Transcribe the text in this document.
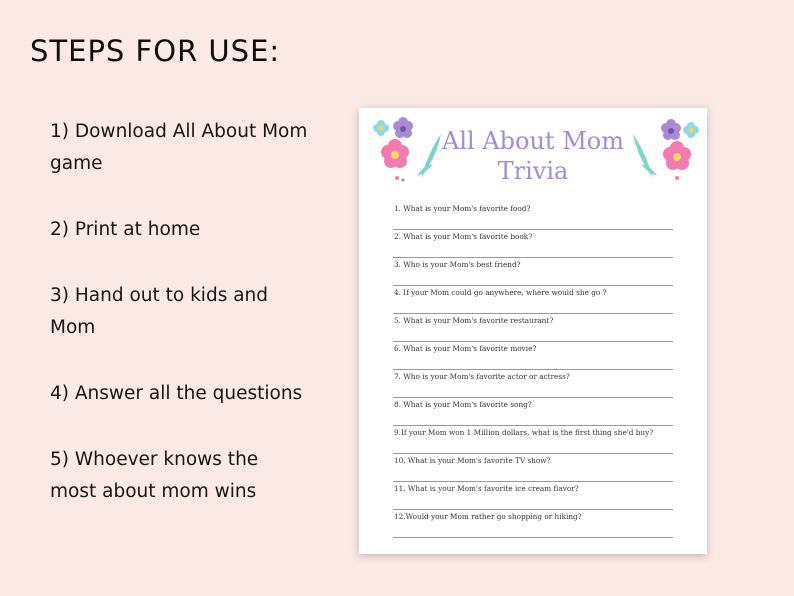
STEPS FOR USE:

1) Download All About Mom game

2) Print at home

3) Hand out to kids and Mom

4) Answer all the questions

5) Whoever knows the most about mom wins

All About Mom
Trivia
1. What is your Mom's favorite food?
2. What is your Mom's favorite book?
3. Who is your Mom's best friend?
4. If your Mom could go anywhere, where would she go ?
5. What is your Mom's favorite restaurant?
6. What is your Mom's favorite movie?
7. Who is your Mom's favorite actor or actress?
8. What is your Mom's favorite song?
9.If your Mom won 1 Million dollars, what is the first thing she'd buy?
10. What is your Mom's favorite TV show?
11. What is your Mom's favorite ice cream flavor?
12.Would your Mom rather go shopping or hiking?
